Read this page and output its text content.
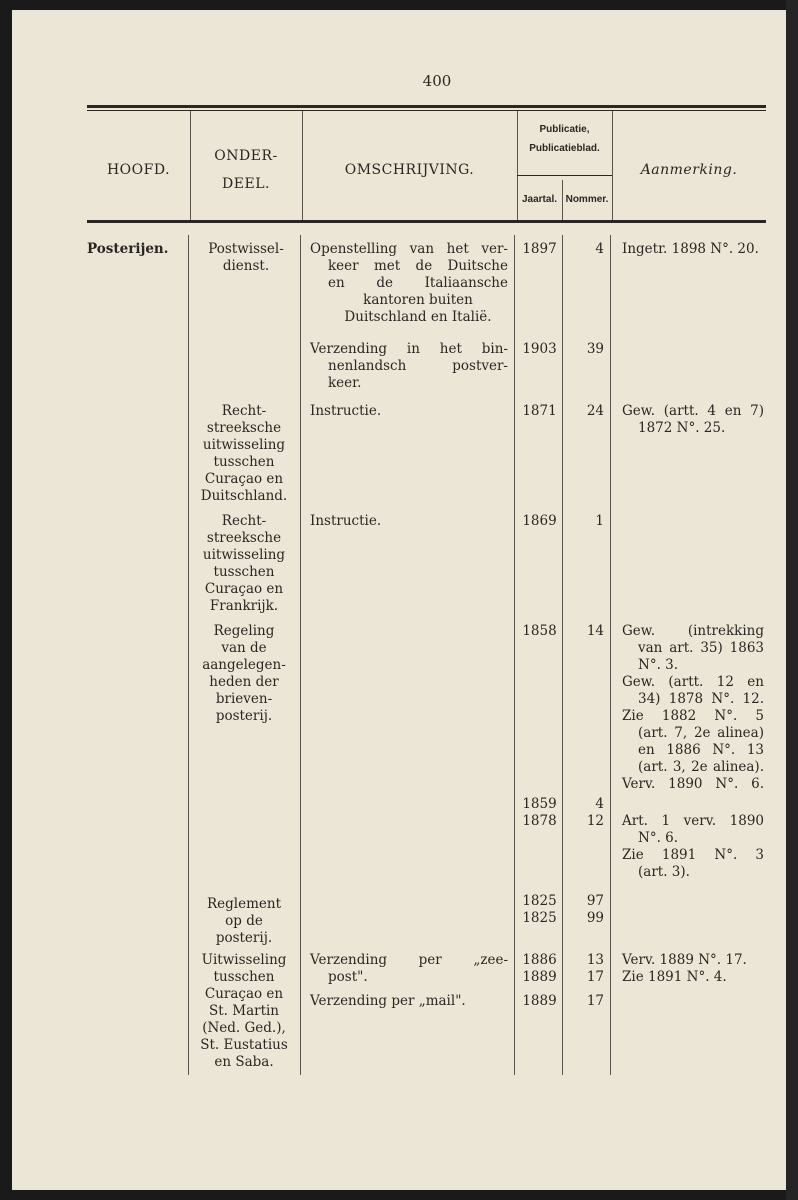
400
HOOFD.
ONDER-
DEEL.
OMSCHRIJVING.
Publicatie,
Publicatieblad.
Jaartal. Nommer.
Aanmerking.
Posterijen.	Postwissel-
dienst.
Recht-
streeksche
uitwisseling
tusschen
Curaçao en
Duitschland.
Recht-
streeksche
uitwisseling
tusschen
Curaçao en
Frankrijk.
Regeling
van de
aangelegen-
heden der
brieven-
posterij.
Reglement
op de
posterij.
Uitwisseling
tusschen
Curaçao en
St. Martin
(Ned. Ged.),
St. Eustatius
en Saba.
Openstelling van het ver-
keer met de Duitsche
en de Italiaansche
kantoren buiten
Duitschland en Italië.
Verzending in het bin-
nenlandsch postver-
keer.
Instructie.
Instructie.
Verzending per „zee-
post".
Verzending per „mail".
1897
1903
1871
1869
1858
1859
1878
1825
1825
1886
1889
1889
4
39
24
1
14
4
12
97
99
13
17
17
Ingetr. 1898 N°. 20.
Gew. (artt. 4 en 7)
1872 N°. 25.
Gew. (intrekking
van art. 35) 1863
N°. 3.
Gew. (artt. 12 en
34) 1878 N°. 12.
Zie 1882 N°. 5
(art. 7, 2e alinea)
en 1886 N°. 13
(art. 3, 2e alinea).
Verv. 1890 N°. 6.
Art. 1 verv. 1890
N°. 6.
Zie 1891 N°. 3
(art. 3).
Verv. 1889 N°. 17.
Zie 1891 N°. 4.
